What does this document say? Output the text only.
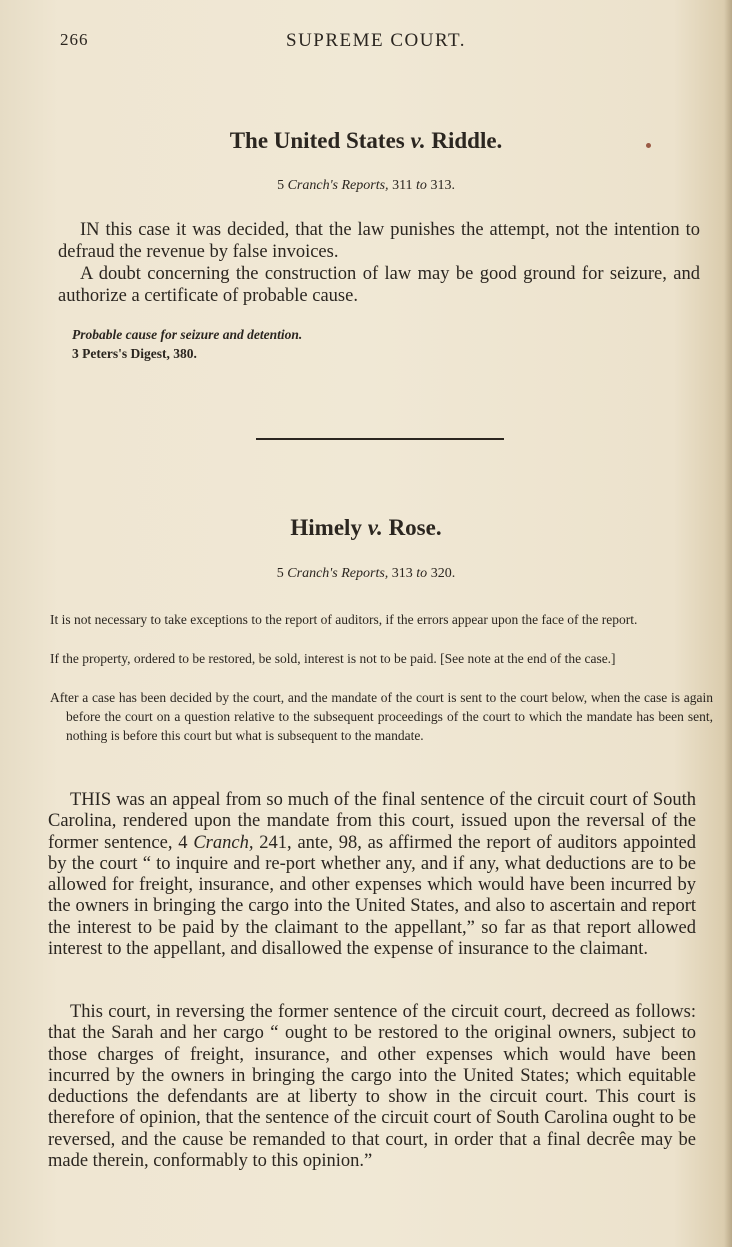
266	SUPREME COURT.
The United States v. Riddle.
5 Cranch's Reports, 311 to 313.

IN this case it was decided, that the law punishes the attempt, not the intention to defraud the revenue by false invoices.

A doubt concerning the construction of law may be good ground for seizure, and authorize a certificate of probable cause.

Probable cause for seizure and detention.
3 Peters's Digest, 380.
Himely v. Rose.
5 Cranch's Reports, 313 to 320.

It is not necessary to take exceptions to the report of auditors, if the errors appear upon the face of the report.

If the property, ordered to be restored, be sold, interest is not to be paid. [See note at the end of the case.]

After a case has been decided by the court, and the mandate of the court is sent to the court below, when the case is again before the court on a question relative to the subsequent proceedings of the court to which the mandate has been sent, nothing is before this court but what is subsequent to the mandate.

THIS was an appeal from so much of the final sentence of the circuit court of South Carolina, rendered upon the mandate from this court, issued upon the reversal of the former sentence, 4 Cranch, 241, ante, 98, as affirmed the report of auditors appointed by the court “ to inquire and re-port whether any, and if any, what deductions are to be allowed for freight, insurance, and other expenses which would have been incurred by the owners in bringing the cargo into the United States, and also to ascertain and report the interest to be paid by the claimant to the appellant,” so far as that report allowed interest to the appellant, and disallowed the expense of insurance to the claimant.

This court, in reversing the former sentence of the circuit court, decreed as follows: that the Sarah and her cargo “ ought to be restored to the original owners, subject to those charges of freight, insurance, and other expenses which would have been incurred by the owners in bringing the cargo into the United States; which equitable deductions the defendants are at liberty to show in the circuit court. This court is therefore of opinion, that the sentence of the circuit court of South Carolina ought to be reversed, and the cause be remanded to that court, in order that a final decrêe may be made therein, conformably to this opinion.”
